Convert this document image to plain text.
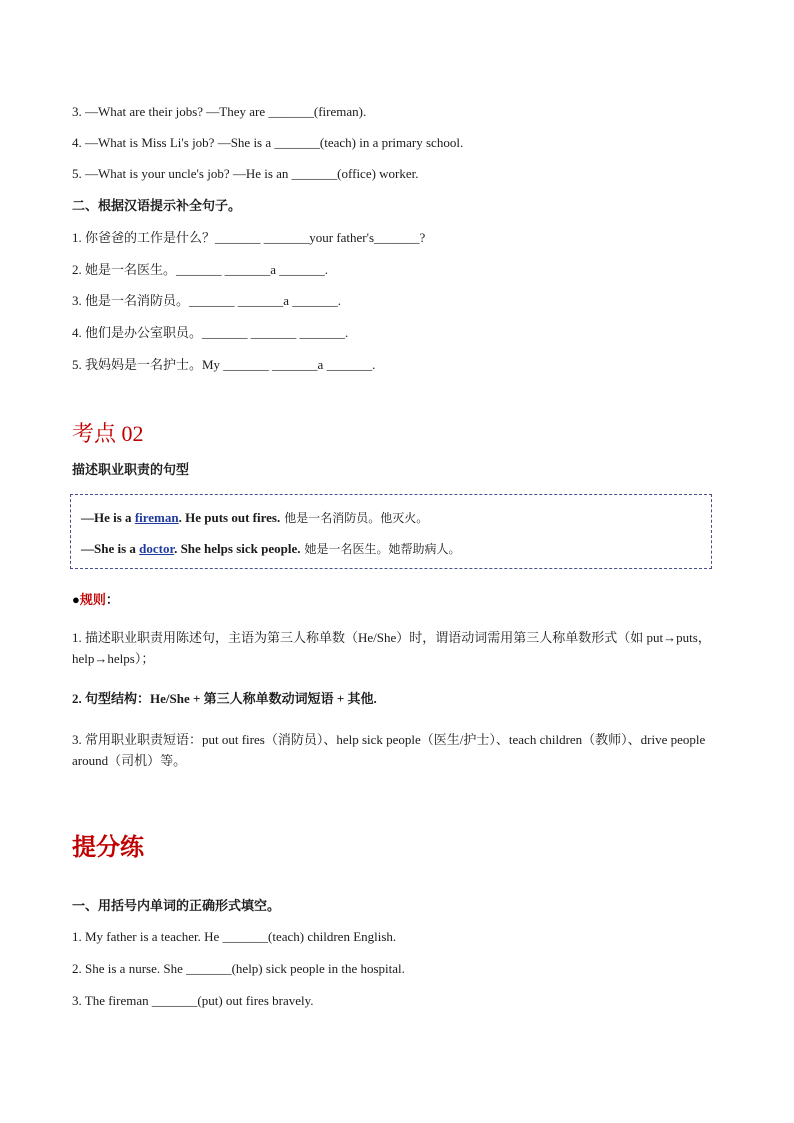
3. —What are their jobs? —They are _______(fireman).
4. —What is Miss Li's job? —She is a _______(teach) in a primary school.
5. —What is your uncle's job? —He is an _______(office) worker.
二、根据汉语提示补全句子。
1. 你爸爸的工作是什么？_______ _______your father's_______?
2. 她是一名医生。_______ _______a _______.
3. 他是一名消防员。_______ _______a _______.
4. 他们是办公室职员。_______ _______ _______.
5. 我妈妈是一名护士。My _______ _______a _______.
考点 02
描述职业职责的句型
—He is a fireman. He puts out fires. 他是一名消防员。他灭火。
—She is a doctor. She helps sick people. 她是一名医生。她帮助病人。
●规则：
1. 描述职业职责用陈述句，主语为第三人称单数（He/She）时，谓语动词需用第三人称单数形式（如 put→puts，help→helps）；
2. 句型结构：He/She + 第三人称单数动词短语 + 其他.
3. 常用职业职责短语：put out fires（消防员）、help sick people（医生/护士）、teach children（教师）、drive people around（司机）等。
提分练
一、用括号内单词的正确形式填空。
1. My father is a teacher. He _______(teach) children English.
2. She is a nurse. She _______(help) sick people in the hospital.
3. The fireman _______(put) out fires bravely.
